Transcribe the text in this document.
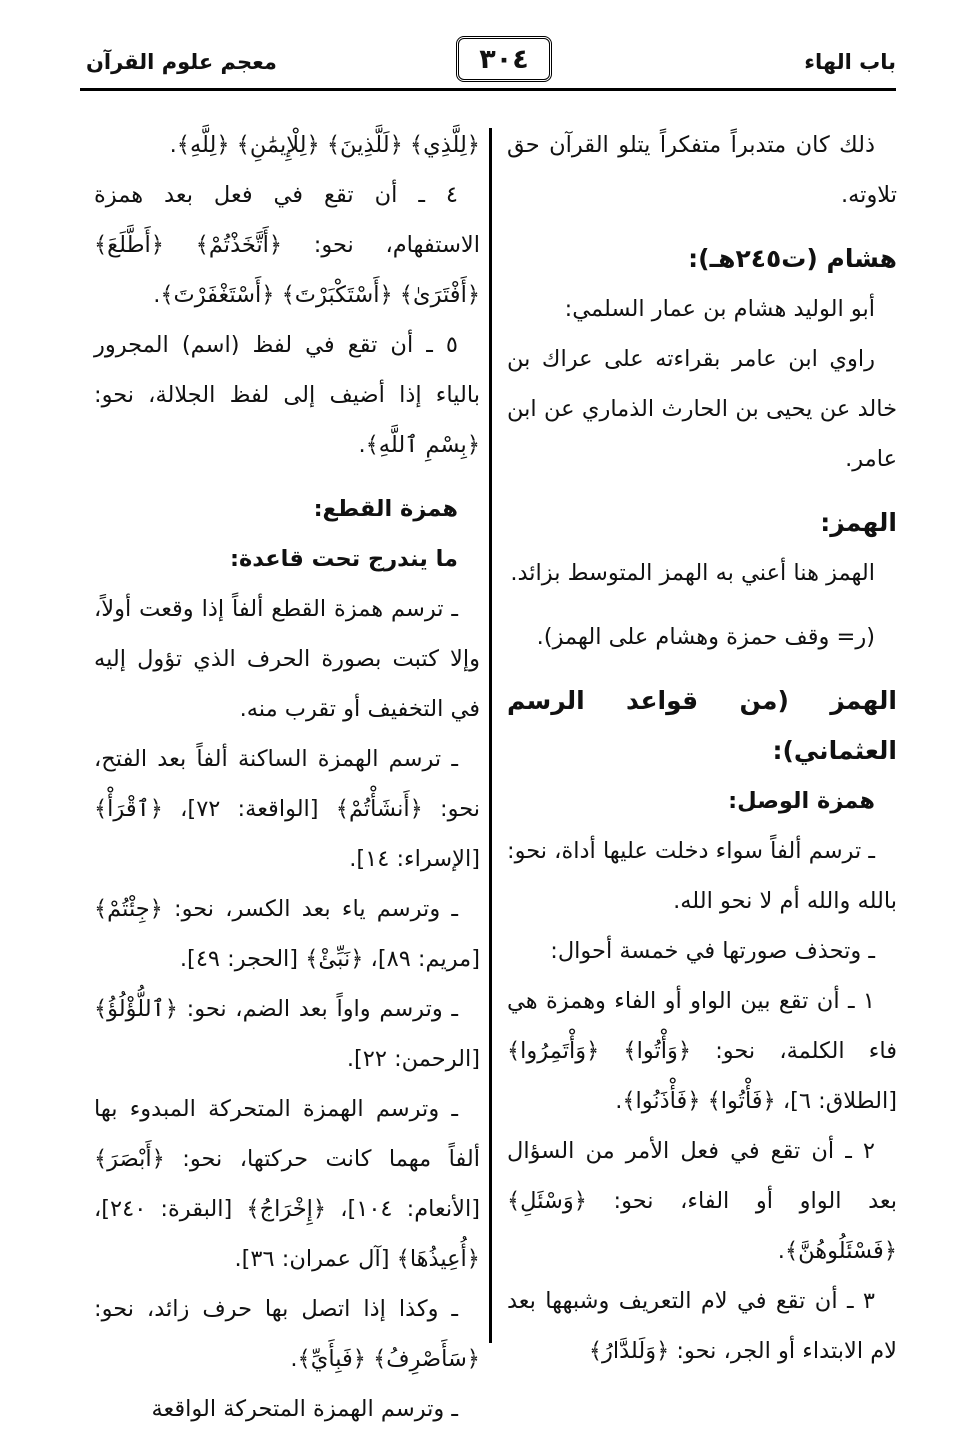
باب الهاء
٣٠٤
معجم علوم القرآن

ذلك كان متدبراً متفكراً يتلو القرآن حق تلاوته.

هشام (ت٢٤٥هـ):

أبو الوليد هشام بن عمار السلمي:

راوي ابن عامر بقراءته على عراك بن خالد عن يحيى بن الحارث الذماري عن ابن عامر.

الهمز:

الهمز هنا أعني به الهمز المتوسط بزائد.

(ر= وقف حمزة وهشام على الهمز).

الهمز (من قواعد الرسم العثماني):

همزة الوصل:

ـ ترسم ألفاً سواء دخلت عليها أداة، نحو: بالله والله أم لا نحو الله.

ـ وتحذف صورتها في خمسة أحوال:

١ ـ أن تقع بين الواو أو الفاء وهمزة هي فاء الكلمة، نحو: ﴿وَأْتُوا﴾ ﴿وَأْتَمِرُوا﴾ [الطلاق: ٦]، ﴿فَأْتُوا﴾ ﴿فَأْذَنُوا﴾.

٢ ـ أن تقع في فعل الأمر من السؤال بعد الواو أو الفاء، نحو: ﴿وَسْئَلِ﴾ ﴿فَسْئَلُوهُنَّ﴾.

٣ ـ أن تقع في لام التعريف وشبهها بعد لام الابتداء أو الجر، نحو: ﴿وَلَلدَّارُ﴾

﴿لِلَّذِي﴾ ﴿لَلَّذِينَ﴾ ﴿لِلْإِيمَٰنِ﴾ ﴿لِلَّهِ﴾.

٤ ـ أن تقع في فعل بعد همزة الاستفهام، نحو: ﴿أَتَّخَذْتُمْ﴾ ﴿أَطَّلَعَ﴾ ﴿أَفْتَرَىٰ﴾ ﴿أَسْتَكْبَرْتَ﴾ ﴿أَسْتَغْفَرْتَ﴾.

٥ ـ أن تقع في لفظ (اسم) المجرور بالياء إذا أضيف إلى لفظ الجلالة، نحو: ﴿بِسْمِ ٱللَّهِ﴾.

همزة القطع:

ما يندرج تحت قاعدة:

ـ ترسم همزة القطع ألفاً إذا وقعت أولاً، وإلا كتبت بصورة الحرف الذي تؤول إليه في التخفيف أو تقرب منه.

ـ ترسم الهمزة الساكنة ألفاً بعد الفتح، نحو: ﴿أَنشَأْتُمْ﴾ [الواقعة: ٧٢]، ﴿ٱقْرَأْ﴾ [الإسراء: ١٤].

ـ وترسم ياء بعد الكسر، نحو: ﴿جِئْتُمْ﴾ [مريم: ٨٩]، ﴿نَبِّئْ﴾ [الحجر: ٤٩].

ـ وترسم واواً بعد الضم، نحو: ﴿ٱللُّؤْلُؤُ﴾ [الرحمن: ٢٢].

ـ وترسم الهمزة المتحركة المبدوء بها ألفاً مهما كانت حركتها، نحو: ﴿أَبْصَرَ﴾ [الأنعام: ١٠٤]، ﴿إِخْرَاجُ﴾ [البقرة: ٢٤٠]، ﴿أُعِيذُهَا﴾ [آل عمران: ٣٦].

ـ وكذا إذا اتصل بها حرف زائد، نحو: ﴿سَأَصْرِفُ﴾ ﴿فَبِأَيِّ﴾.

ـ وترسم الهمزة المتحركة الواقعة
